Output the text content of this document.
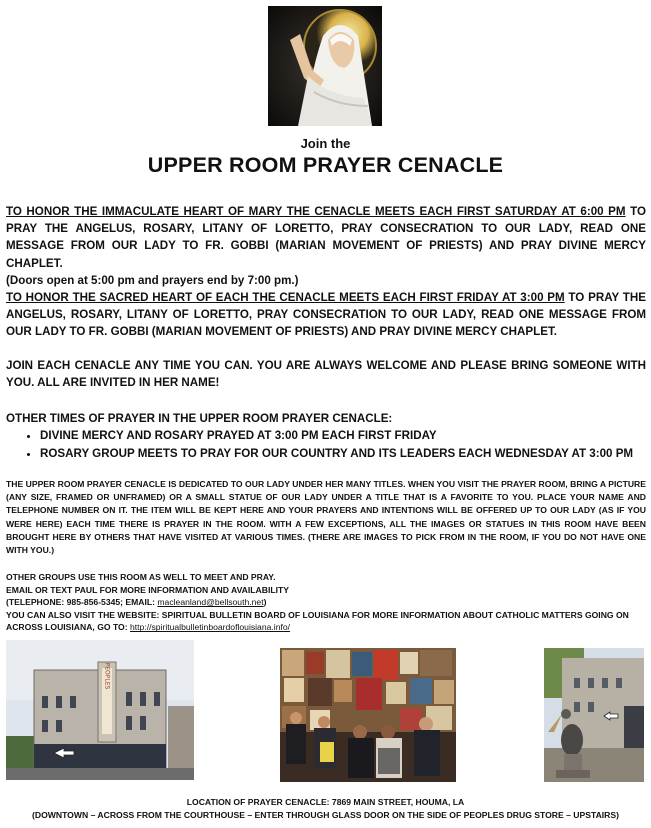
Join the
UPPER ROOM PRAYER CENACLE
TO HONOR THE IMMACULATE HEART OF MARY THE CENACLE MEETS EACH FIRST SATURDAY AT 6:00 PM TO PRAY THE ANGELUS, ROSARY, LITANY OF LORETTO, PRAY CONSECRATION TO OUR LADY, READ ONE MESSAGE FROM OUR LADY TO FR. GOBBI (MARIAN MOVEMENT OF PRIESTS) AND PRAY DIVINE MERCY CHAPLET.
(Doors open at 5:00 pm and prayers end by 7:00 pm.)
TO HONOR THE SACRED HEART OF EACH THE CENACLE MEETS EACH FIRST FRIDAY AT 3:00 PM TO PRAY THE ANGELUS, ROSARY, LITANY OF LORETTO, PRAY CONSECRATION TO OUR LADY, READ ONE MESSAGE FROM OUR LADY TO FR. GOBBI (MARIAN MOVEMENT OF PRIESTS) AND PRAY DIVINE MERCY CHAPLET.
JOIN EACH CENACLE ANY TIME YOU CAN. YOU ARE ALWAYS WELCOME AND PLEASE BRING SOMEONE WITH YOU. ALL ARE INVITED IN HER NAME!
OTHER TIMES OF PRAYER IN THE UPPER ROOM PRAYER CENACLE:
• DIVINE MERCY AND ROSARY PRAYED AT 3:00 PM EACH FIRST FRIDAY
• ROSARY GROUP MEETS TO PRAY FOR OUR COUNTRY AND ITS LEADERS EACH WEDNESDAY AT 3:00 PM
THE UPPER ROOM PRAYER CENACLE IS DEDICATED TO OUR LADY UNDER HER MANY TITLES. WHEN YOU VISIT THE PRAYER ROOM, BRING A PICTURE (ANY SIZE, FRAMED OR UNFRAMED) OR A SMALL STATUE OF OUR LADY UNDER A TITLE THAT IS A FAVORITE TO YOU. PLACE YOUR NAME AND TELEPHONE NUMBER ON IT. THE ITEM WILL BE KEPT HERE AND YOUR PRAYERS AND INTENTIONS WILL BE OFFERED UP TO OUR LADY (AS IF YOU WERE HERE) EACH TIME THERE IS PRAYER IN THE ROOM. WITH A FEW EXCEPTIONS, ALL THE IMAGES OR STATUES IN THIS ROOM HAVE BEEN BROUGHT HERE BY OTHERS THAT HAVE VISITED AT VARIOUS TIMES. (THERE ARE IMAGES TO PICK FROM IN THE ROOM, IF YOU DO NOT HAVE ONE WITH YOU.)
OTHER GROUPS USE THIS ROOM AS WELL TO MEET AND PRAY.
EMAIL OR TEXT PAUL FOR MORE INFORMATION AND AVAILABILITY
(TELEPHONE: 985-856-5345; EMAIL: macleanland@bellsouth.net)
YOU CAN ALSO VISIT THE WEBSITE: SPIRITUAL BULLETIN BOARD OF LOUISIANA FOR MORE INFORMATION ABOUT CATHOLIC MATTERS GOING ON ACROSS LOUISIANA, GO TO: http://spiritualbulletinboardoflouisiana.info/
PEOPLES
LOCATION OF PRAYER CENACLE: 7869 MAIN STREET, HOUMA, LA
(DOWNTOWN – ACROSS FROM THE COURTHOUSE – ENTER THROUGH GLASS DOOR ON THE SIDE OF PEOPLES DRUG STORE – UPSTAIRS)
